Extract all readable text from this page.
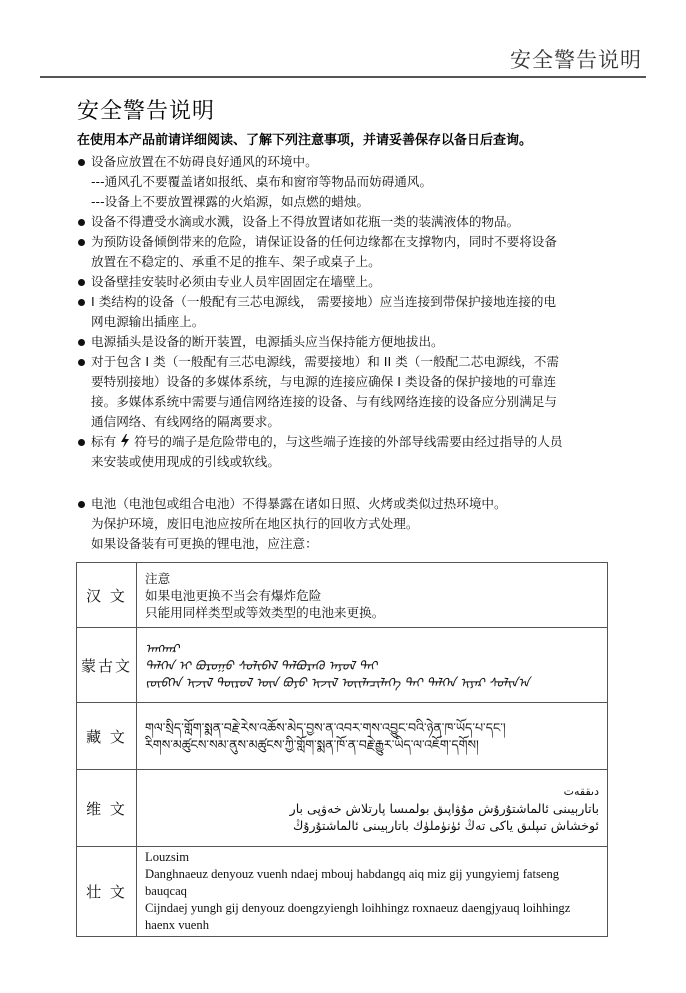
安全警告说明
安全警告说明
在使用本产品前请详细阅读、了解下列注意事项，并请妥善保存以备日后查询。
设备应放置在不妨碍良好通风的环境中。
---通风孔不要覆盖诸如报纸、桌布和窗帘等物品而妨碍通风。
---设备上不要放置裸露的火焰源，如点燃的蜡烛。
设备不得遭受水滴或水溅，设备上不得放置诸如花瓶一类的装满液体的物品。
为预防设备倾倒带来的危险，请保证设备的任何边缘都在支撑物内，同时不要将设备
放置在不稳定的、承重不足的推车、架子或桌子上。
设备壁挂安装时必须由专业人员牢固固定在墙壁上。
I 类结构的设备（一般配有三芯电源线， 需要接地）应当连接到带保护接地连接的电
网电源输出插座上。
电源插头是设备的断开装置，电源插头应当保持能方便地拔出。
对于包含 I 类（一般配有三芯电源线，需要接地）和 II 类（一般配二芯电源线，不需
要特别接地）设备的多媒体系统，与电源的连接应确保 I 类设备的保护接地的可靠连
接。多媒体系统中需要与通信网络连接的设备、与有线网络连接的设备应分别满足与
通信网络、有线网络的隔离要求。
标有 符号的端子是危险带电的，与这些端子连接的外部导线需要由经过指导的人员
来安装或使用现成的引线或软线。
电池（电池包或组合电池）不得暴露在诸如日照、火烤或类似过热环境中。
为保护环境，废旧电池应按所在地区执行的回收方式处理。
如果设备装有可更换的锂电池，应注意：
汉 文	注意
如果电池更换不当会有爆炸危险
只能用同样类型或等效类型的电池来更换。

蒙古文	ᠠᠩᠬᠠᠷ
ᠳᠡᠯᠭᠡᠨ ᠢ ᠪᠤᠷᠤᠭᠤ ᠰᠣᠯᠢᠪᠠᠯ ᠳᠡᠯᠪᠦᠷᠡᠬᠦ ᠠᠶᠤᠯ ᠲᠠᠢ
ᠵᠥᠪᠬᠡᠨ ᠢᠵᠢᠯ ᠲᠥᠷᠥᠯ ᠦᠨ ᠪᠤᠶᠤ ᠢᠵᠢᠯ ᠦᠢᠯᠡᠴᠢᠯᠡᠭᠡ ᠲᠠᠢ ᠳᠡᠯᠭᠡᠨ ᠢᠶᠡᠷ ᠰᠣᠯᠢᠨ᠎ᠠ

藏 文	གལ་སྲིད་གློག་སྨན་བརྗེ་རེས་འཆོས་མེད་བྱས་ན་འབར་གས་འབྱུང་བའི་ཉེན་ཁ་ཡོད་པ་དང་།
རིགས་མཚུངས་སམ་ནུས་མཚུངས་ཀྱི་གློག་སྨན་ཁོ་ན་བརྗེ་རྒྱུར་ཡིད་ལ་འཇོག་དགོས།

维 文	دىققەت
باتارېيىنى ئالماشتۇرۇش مۇۋاپىق بولمىسا پارتلاش خەۋپى بار
ئوخشاش تىپلىق ياكى تەڭ ئۈنۈملۈك باتارېيىنى ئالماشتۇرۇڭ

壮 文	Louzsim
Danghnaeuz denyouz vuenh ndaej mbouj habdangq aiq miz gij yungyiemj fatseng bauqcaq
Cijndaej yungh gij denyouz doengzyiengh loihhingz roxnaeuz daengjyauq loihhingz haenx vuenh
